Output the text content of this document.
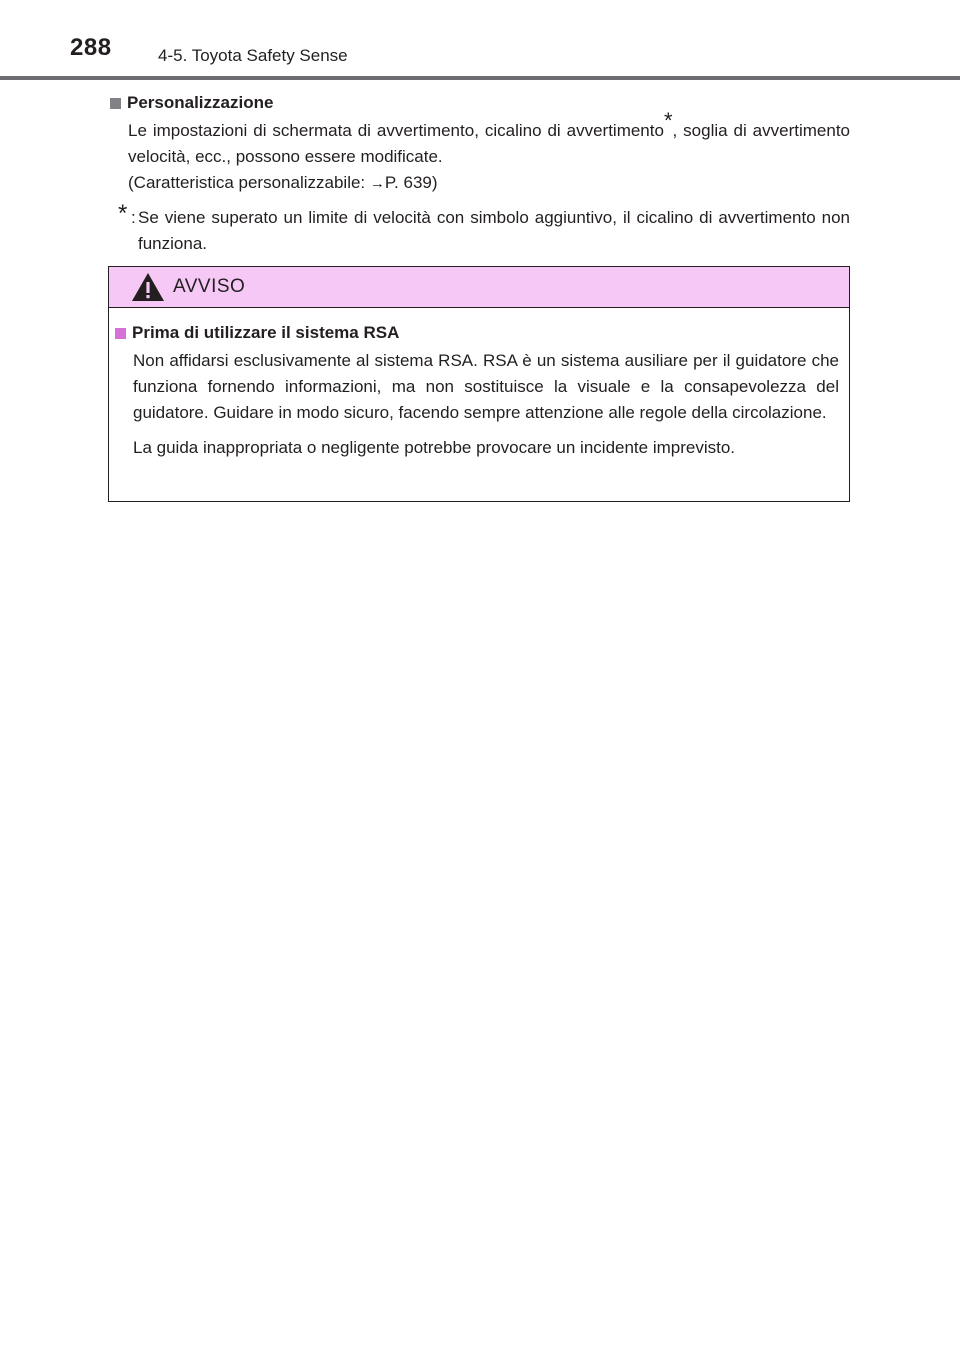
288	4-5. Toyota Safety Sense
Personalizzazione

Le impostazioni di schermata di avvertimento, cicalino di avvertimento*, soglia di avvertimento velocità, ecc., possono essere modificate.
(Caratteristica personalizzabile: →P. 639)

* : Se viene superato un limite di velocità con simbolo aggiuntivo, il cicalino di avvertimento non funziona.
AVVISO
Prima di utilizzare il sistema RSA

Non affidarsi esclusivamente al sistema RSA. RSA è un sistema ausiliare per il guidatore che funziona fornendo informazioni, ma non sostituisce la visuale e la consapevolezza del guidatore. Guidare in modo sicuro, facendo sempre attenzione alle regole della circolazione.

La guida inappropriata o negligente potrebbe provocare un incidente imprevisto.
